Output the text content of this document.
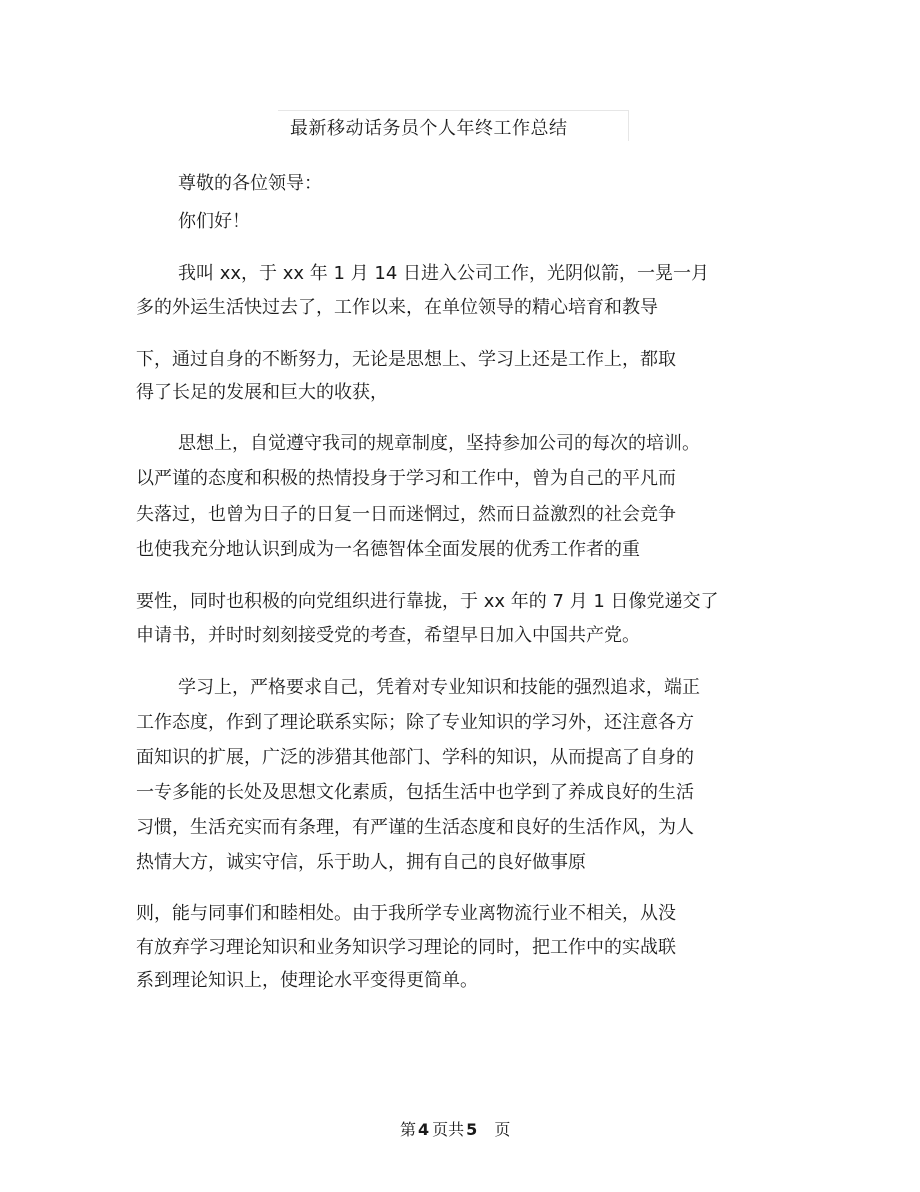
最新移动话务员个人年终工作总结
尊敬的各位领导：
你们好！
我叫 xx，于 xx 年 1 月 14 日进入公司工作，光阴似箭，一晃一月
多的外运生活快过去了，工作以来，在单位领导的精心培育和教导
下，通过自身的不断努力，无论是思想上、学习上还是工作上，都取
得了长足的发展和巨大的收获，
思想上，自觉遵守我司的规章制度，坚持参加公司的每次的培训。
以严谨的态度和积极的热情投身于学习和工作中，曾为自己的平凡而
失落过，也曾为日子的日复一日而迷惘过，然而日益激烈的社会竞争
也使我充分地认识到成为一名德智体全面发展的优秀工作者的重
要性，同时也积极的向党组织进行靠拢，于 xx 年的 7 月 1 日像党递交了
申请书，并时时刻刻接受党的考查，希望早日加入中国共产党。
学习上，严格要求自己，凭着对专业知识和技能的强烈追求，端正
工作态度，作到了理论联系实际；除了专业知识的学习外，还注意各方
面知识的扩展，广泛的涉猎其他部门、学科的知识，从而提高了自身的
一专多能的长处及思想文化素质，包括生活中也学到了养成良好的生活
习惯，生活充实而有条理，有严谨的生活态度和良好的生活作风，为人
热情大方，诚实守信，乐于助人，拥有自己的良好做事原
则，能与同事们和睦相处。由于我所学专业离物流行业不相关，从没
有放弃学习理论知识和业务知识学习理论的同时，把工作中的实战联
系到理论知识上，使理论水平变得更简单。
第 4 页共 5 页
